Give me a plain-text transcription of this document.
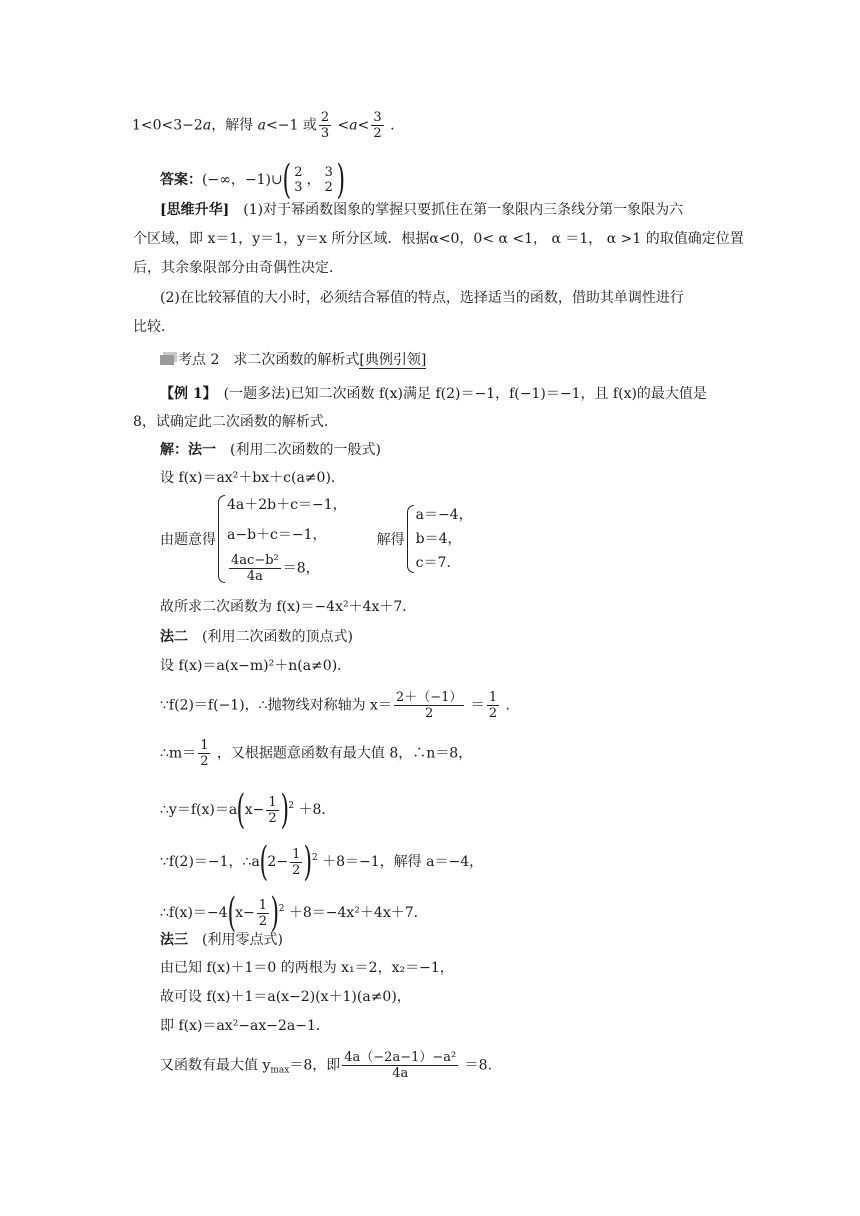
1<0<3−2a，解得 a<−1 或 $\frac{2}{3} <a< \frac{3}{2}$ .
答案：(−∞，−1)∪( 2
3 ， 3
2 )
[思维升华]　 (1)对于幂函数图象的掌握只要抓住在第一象限内三条线分第一象限为六
个区域，即 x＝1，y＝1，y＝x 所分区域．根据α<0，0< α <1， α ＝1， α >1 的取值确定位置
后，其余象限部分由奇偶性决定．
(2)在比较幂值的大小时，必须结合幂值的特点，选择适当的函数，借助其单调性进行
比较．
考点 2　求二次函数的解析式[典例引领]
【例 1】　(一题多法)已知二次函数 f(x)满足 f(2)＝−1，f(−1)＝−1，且 f(x)的最大值是
8，试确定此二次函数的解析式．
解：法一　(利用二次函数的一般式)
设 f(x)＝ax²＋bx＋c(a≠0)．
由题意得
4a＋2b＋c＝−1，
a−b＋c＝−1，
$\frac{\text{4ac−b²}}{4a} =8$，
解得
a＝−4，
b＝4，
c＝7.
故所求二次函数为 f(x)＝−4x²＋4x＋7．
法二　(利用二次函数的顶点式)
设 f(x)＝a(x−m)²＋n(a≠0)．
∵f(2)＝f(−1)，∴抛物线对称轴为 $x= \frac{2+(-1)}{2} = \frac{1}{2}$ .
∴m＝ $\frac{1}{2}$ ，又根据题意函数有最大值 8，∴n＝8，
∴y＝f(x)＝a(x− $\frac{1}{2} )^2 +8$．
∵f(2)＝−1，∴a(2− $\frac{1}{2} )^2 +8=-1$，解得 a＝−4，
∴f(x)＝−4(x− $\frac{1}{2} )^2 +8=-4x^2+4x+7$．
法三　(利用零点式)
由已知 f(x)＋1＝0 的两根为 x₁＝2，x₂＝−1，
故可设 f(x)＋1＝a(x−2)(x＋1)(a≠0)，
即 f(x)＝ax²−ax−2a−1．
又函数有最大值 $y_{max}=8$，即 $\frac{\text{4a（−2a−1）−a²}}{4a} =8$．
